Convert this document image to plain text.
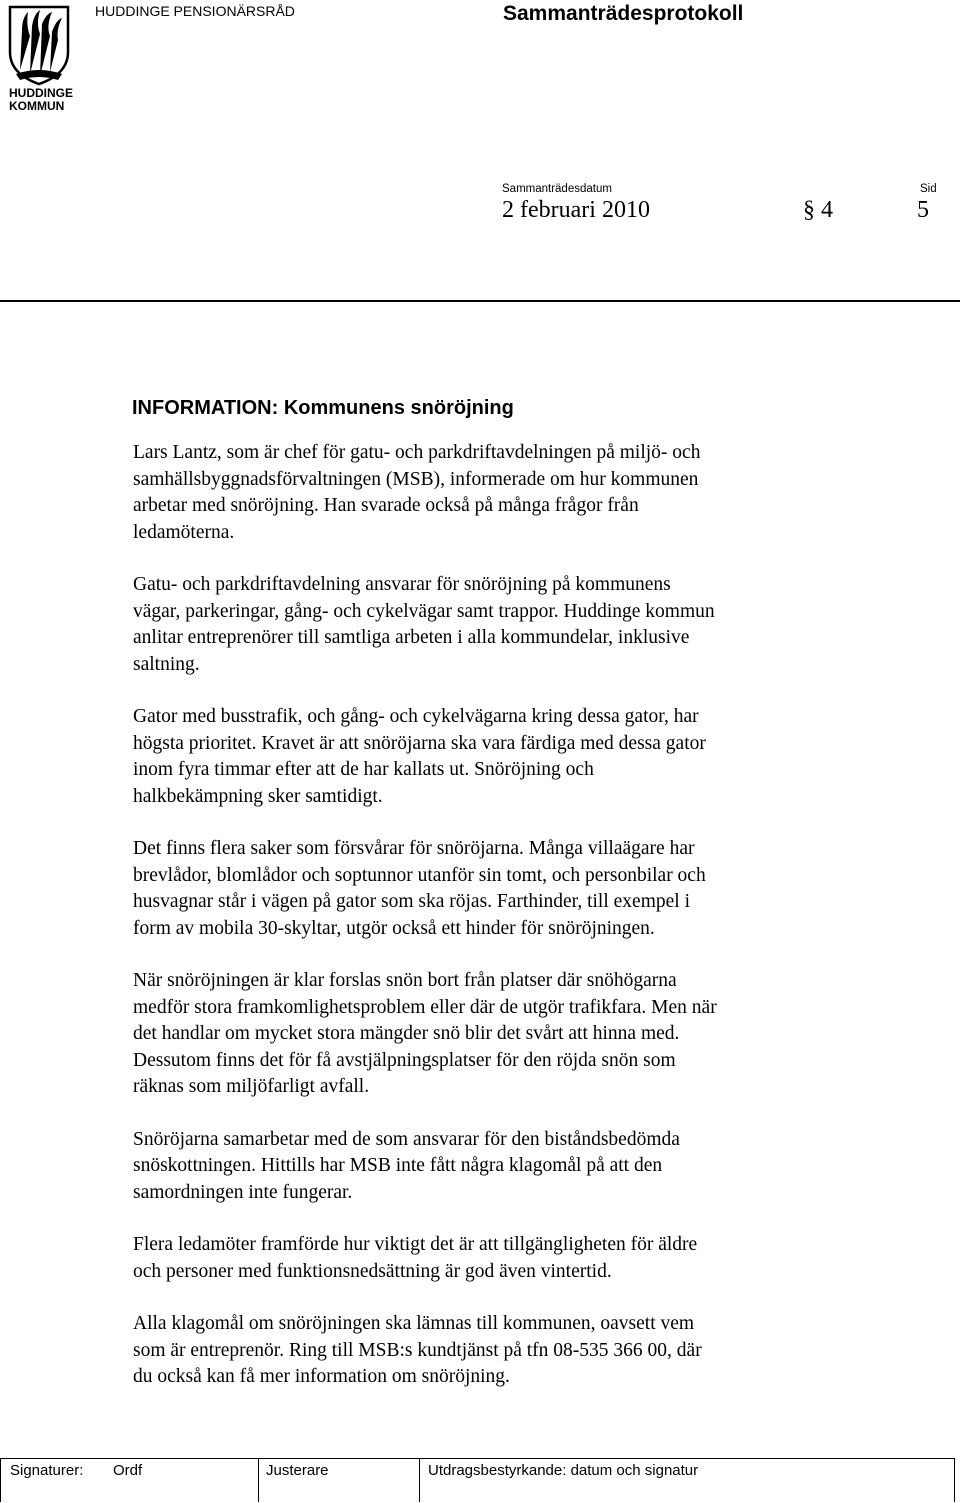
HUDDINGE
KOMMUN
HUDDINGE PENSIONÄRSRÅD	Sammanträdesprotokoll
Sammanträdesdatum	Sid
2 februari 2010	§ 4	5
INFORMATION: Kommunens snöröjning

Lars Lantz, som är chef för gatu- och parkdriftavdelningen på miljö- och
samhällsbyggnadsförvaltningen (MSB), informerade om hur kommunen
arbetar med snöröjning. Han svarade också på många frågor från
ledamöterna.

Gatu- och parkdriftavdelning ansvarar för snöröjning på kommunens
vägar, parkeringar, gång- och cykelvägar samt trappor. Huddinge kommun
anlitar entreprenörer till samtliga arbeten i alla kommundelar, inklusive
saltning.

Gator med busstrafik, och gång- och cykelvägarna kring dessa gator, har
högsta prioritet. Kravet är att snöröjarna ska vara färdiga med dessa gator
inom fyra timmar efter att de har kallats ut. Snöröjning och
halkbekämpning sker samtidigt.

Det finns flera saker som försvårar för snöröjarna. Många villaägare har
brevlådor, blomlådor och soptunnor utanför sin tomt, och personbilar och
husvagnar står i vägen på gator som ska röjas. Farthinder, till exempel i
form av mobila 30-skyltar, utgör också ett hinder för snöröjningen.

När snöröjningen är klar forslas snön bort från platser där snöhögarna
medför stora framkomlighetsproblem eller där de utgör trafikfara. Men när
det handlar om mycket stora mängder snö blir det svårt att hinna med.
Dessutom finns det för få avstjälpningsplatser för den röjda snön som
räknas som miljöfarligt avfall.

Snöröjarna samarbetar med de som ansvarar för den biståndsbedömda
snöskottningen. Hittills har MSB inte fått några klagomål på att den
samordningen inte fungerar.

Flera ledamöter framförde hur viktigt det är att tillgängligheten för äldre
och personer med funktionsnedsättning är god även vintertid.

Alla klagomål om snöröjningen ska lämnas till kommunen, oavsett vem
som är entreprenör. Ring till MSB:s kundtjänst på tfn 08-535 366 00, där
du också kan få mer information om snöröjning.

Signaturer: Ordf	Justerare	Utdragsbestyrkande: datum och signatur
